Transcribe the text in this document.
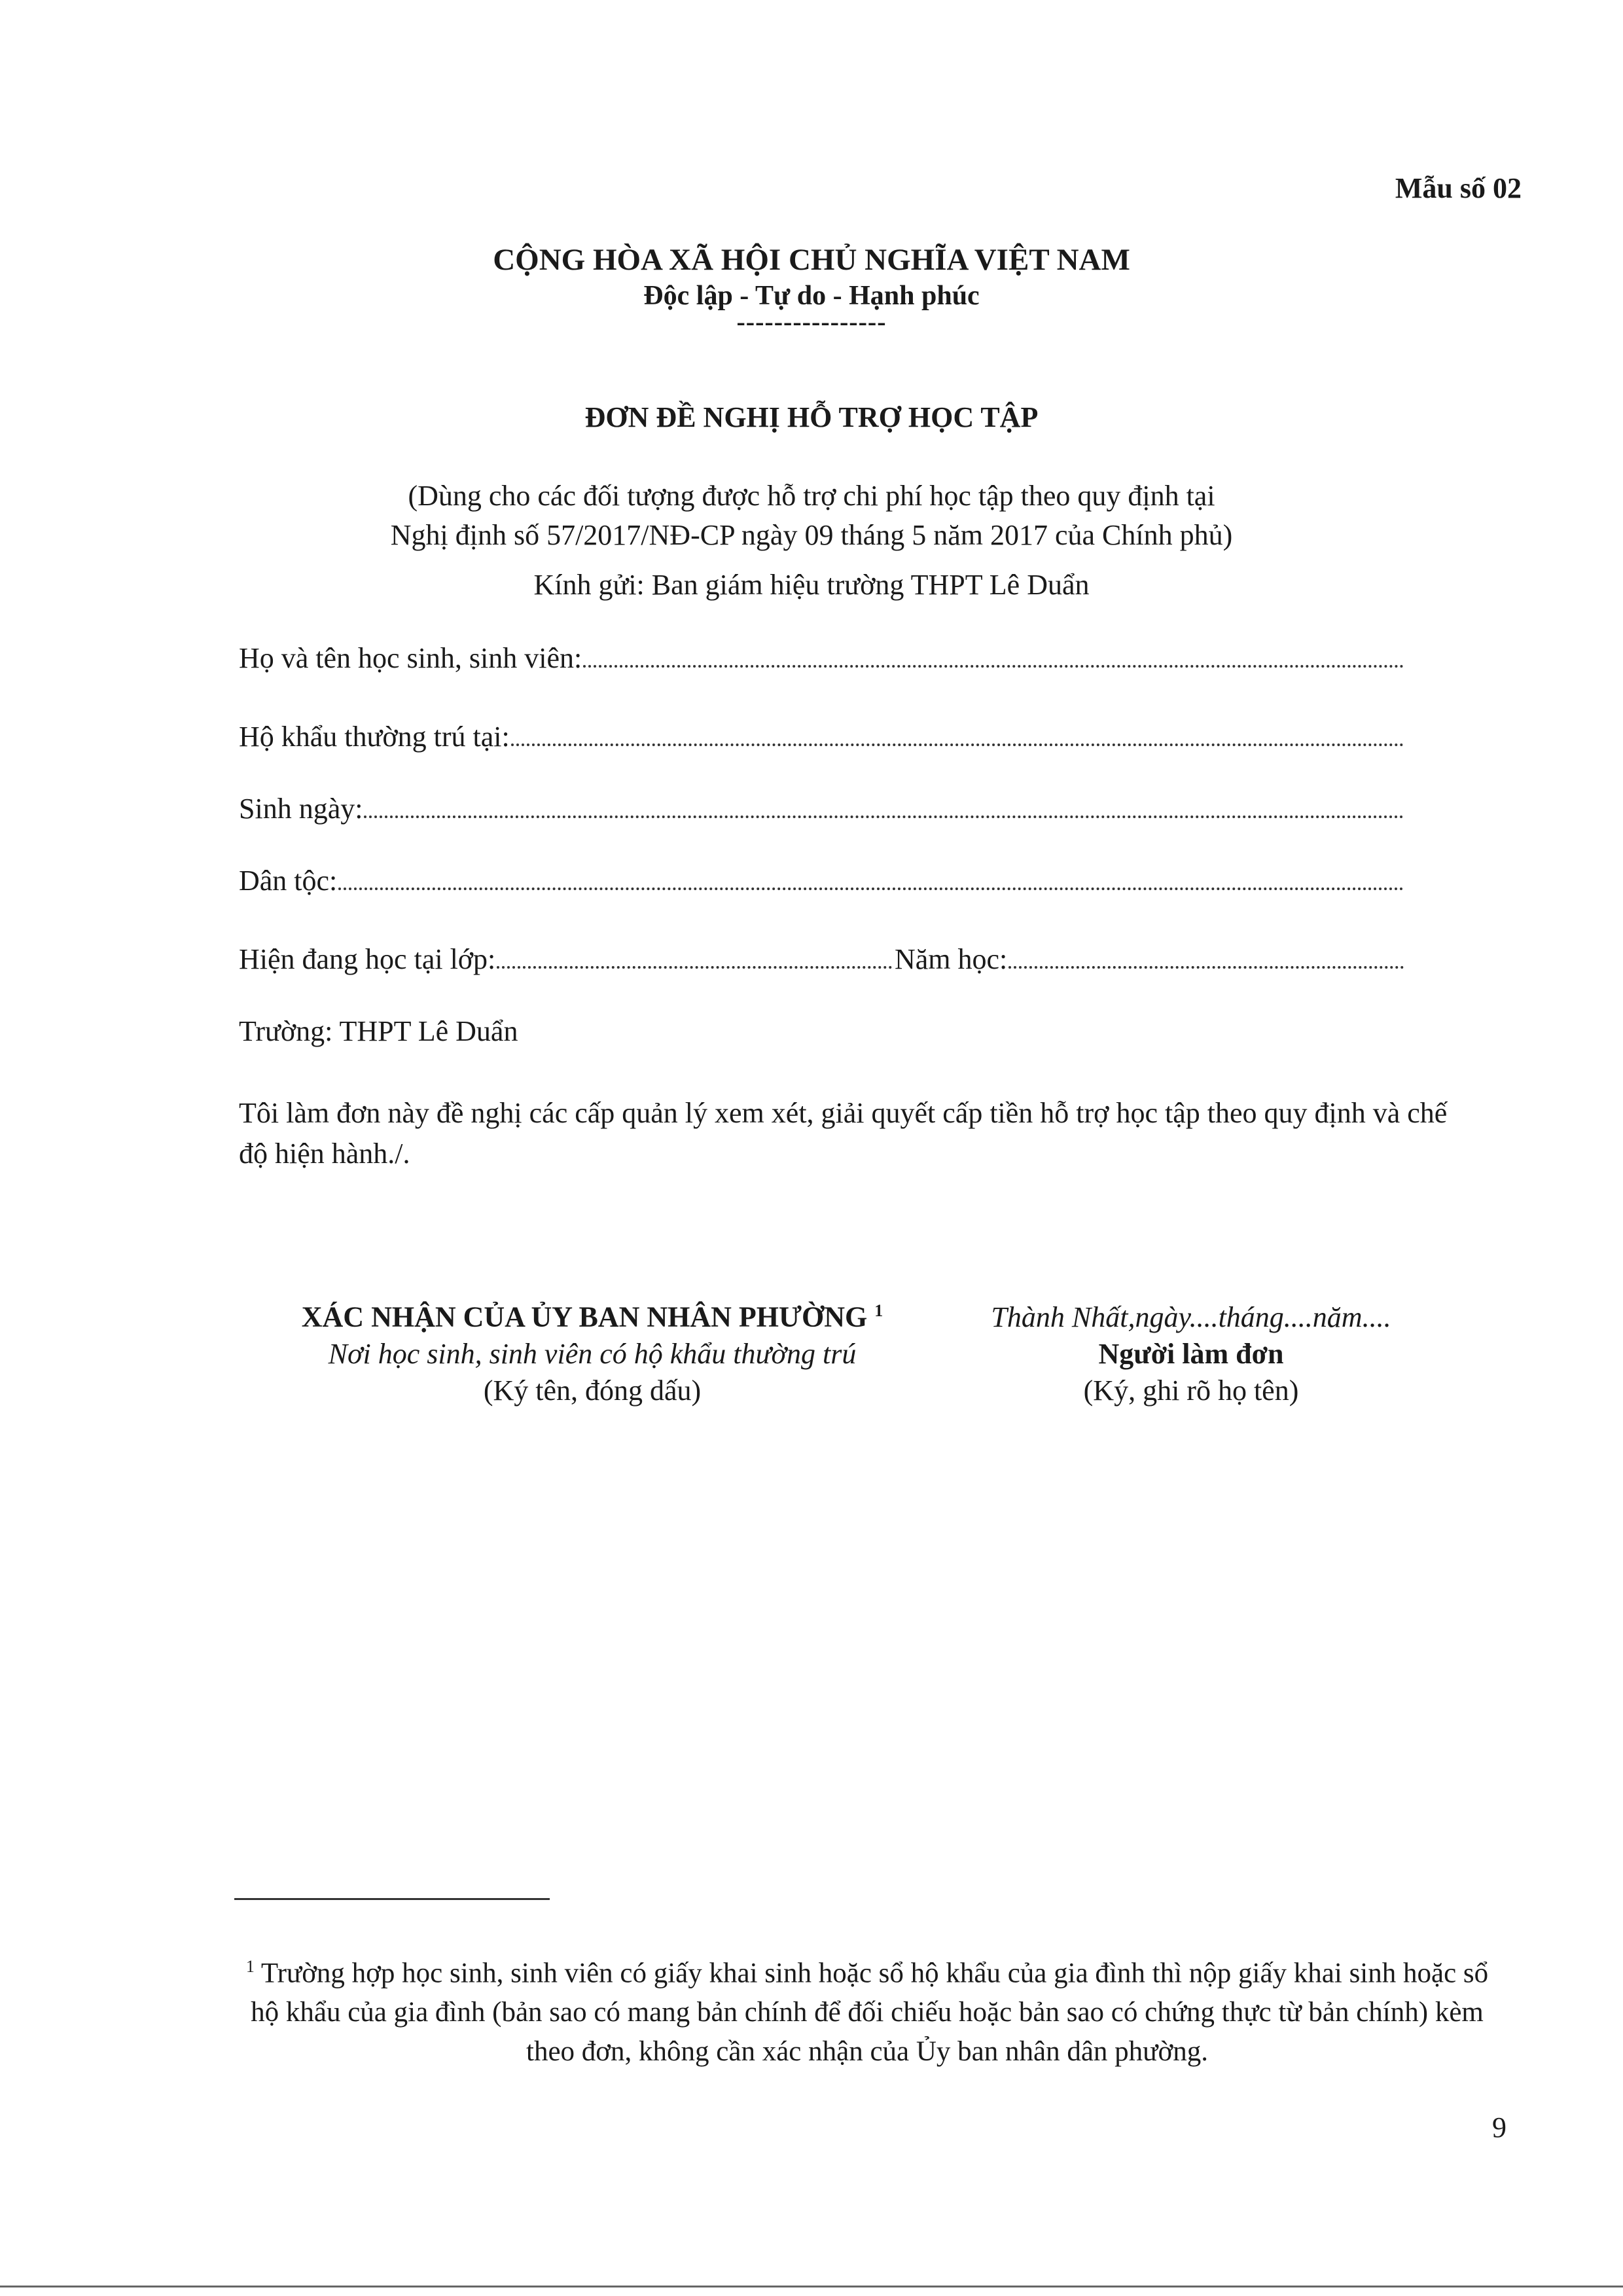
Mẫu số 02
CỘNG HÒA XÃ HỘI CHỦ NGHĨA VIỆT NAM
Độc lập - Tự do - Hạnh phúc
----------------
ĐƠN ĐỀ NGHỊ HỖ TRỢ HỌC TẬP
(Dùng cho các đối tượng được hỗ trợ chi phí học tập theo quy định tại
Nghị định số 57/2017/NĐ-CP ngày 09 tháng 5 năm 2017 của Chính phủ)
Kính gửi: Ban giám hiệu trường THPT Lê Duẩn
Họ và tên học sinh, sinh viên:
Hộ khẩu thường trú tại:
Sinh ngày:
Dân tộc:
Hiện đang học tại lớp:	Năm học:
Trường: THPT Lê Duẩn
Tôi làm đơn này đề nghị các cấp quản lý xem xét, giải quyết cấp tiền hỗ trợ học tập theo quy định và chế độ hiện hành./.
XÁC NHẬN CỦA ỦY BAN NHÂN PHƯỜNG $^1$
Nơi học sinh, sinh viên có hộ khẩu thường trú
(Ký tên, đóng dấu)
Thành Nhất,ngày....tháng....năm....
Người làm đơn
(Ký, ghi rõ họ tên)
$^1$ Trường hợp học sinh, sinh viên có giấy khai sinh hoặc sổ hộ khẩu của gia đình thì nộp giấy khai sinh hoặc sổ hộ khẩu của gia đình (bản sao có mang bản chính để đối chiếu hoặc bản sao có chứng thực từ bản chính) kèm theo đơn, không cần xác nhận của Ủy ban nhân dân phường.
9
